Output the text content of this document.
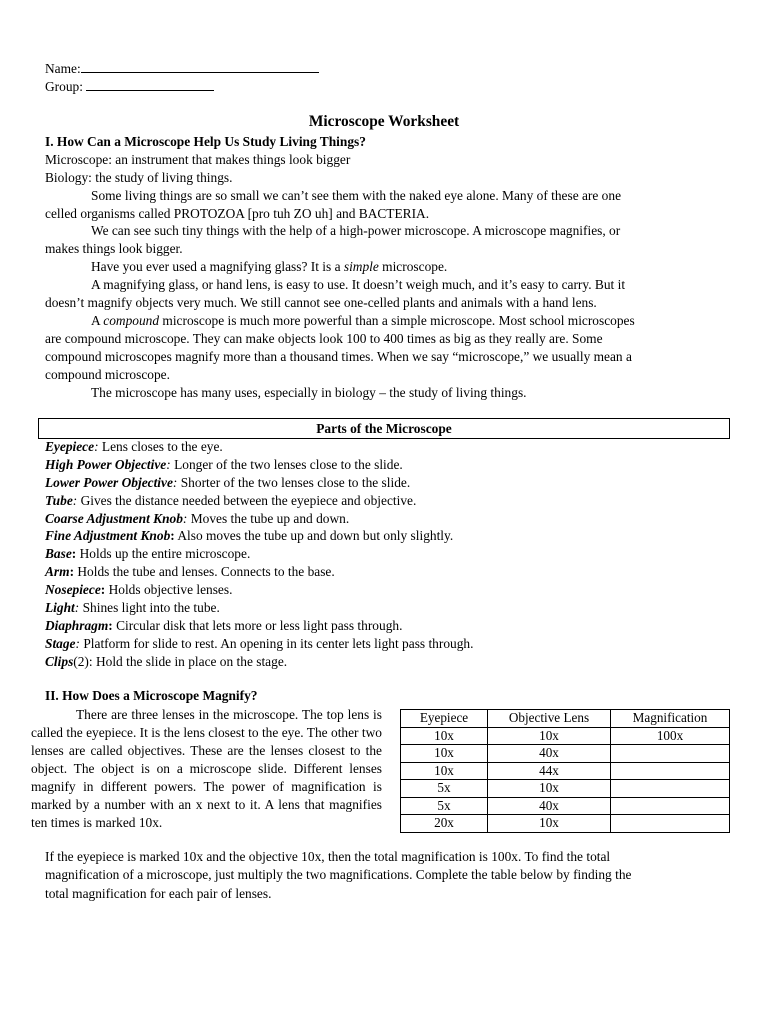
Name:
Group:
Microscope Worksheet
I. How Can a Microscope Help Us Study Living Things?
Microscope: an instrument that makes things look bigger
Biology: the study of living things.
Some living things are so small we can’t see them with the naked eye alone. Many of these are one
celled organisms called PROTOZOA [pro tuh ZO uh] and BACTERIA.
We can see such tiny things with the help of a high-power microscope. A microscope magnifies, or
makes things look bigger.
Have you ever used a magnifying glass? It is a simple microscope.
A magnifying glass, or hand lens, is easy to use. It doesn’t weigh much, and it’s easy to carry. But it
doesn’t magnify objects very much. We still cannot see one-celled plants and animals with a hand lens.
A compound microscope is much more powerful than a simple microscope. Most school microscopes
are compound microscope. They can make objects look 100 to 400 times as big as they really are. Some
compound microscopes magnify more than a thousand times. When we say “microscope,” we usually mean a
compound microscope.
The microscope has many uses, especially in biology – the study of living things.
Parts of the Microscope
Eyepiece: Lens closes to the eye.
High Power Objective: Longer of the two lenses close to the slide.
Lower Power Objective: Shorter of the two lenses close to the slide.
Tube: Gives the distance needed between the eyepiece and objective.
Coarse Adjustment Knob: Moves the tube up and down.
Fine Adjustment Knob: Also moves the tube up and down but only slightly.
Base: Holds up the entire microscope.
Arm: Holds the tube and lenses. Connects to the base.
Nosepiece: Holds objective lenses.
Light: Shines light into the tube.
Diaphragm: Circular disk that lets more or less light pass through.
Stage: Platform for slide to rest. An opening in its center lets light pass through.
Clips(2): Hold the slide in place on the stage.
II. How Does a Microscope Magnify?

There are three lenses in the microscope. The top lens is called the eyepiece. It is the lens closest to the eye. The other two lenses are called objectives. These are the lenses closest to the object. The object is on a microscope slide. Different lenses magnify in different powers. The power of magnification is marked by a number with an x next to it. A lens that magnifies ten times is marked 10x.

Eyepiece	Objective Lens	Magnification
10x	10x	100x
10x	40x	
10x	44x	
5x	10x	
5x	40x	
20x	10x	
If the eyepiece is marked 10x and the objective 10x, then the total magnification is 100x. To find the total
magnification of a microscope, just multiply the two magnifications. Complete the table below by finding the
total magnification for each pair of lenses.
